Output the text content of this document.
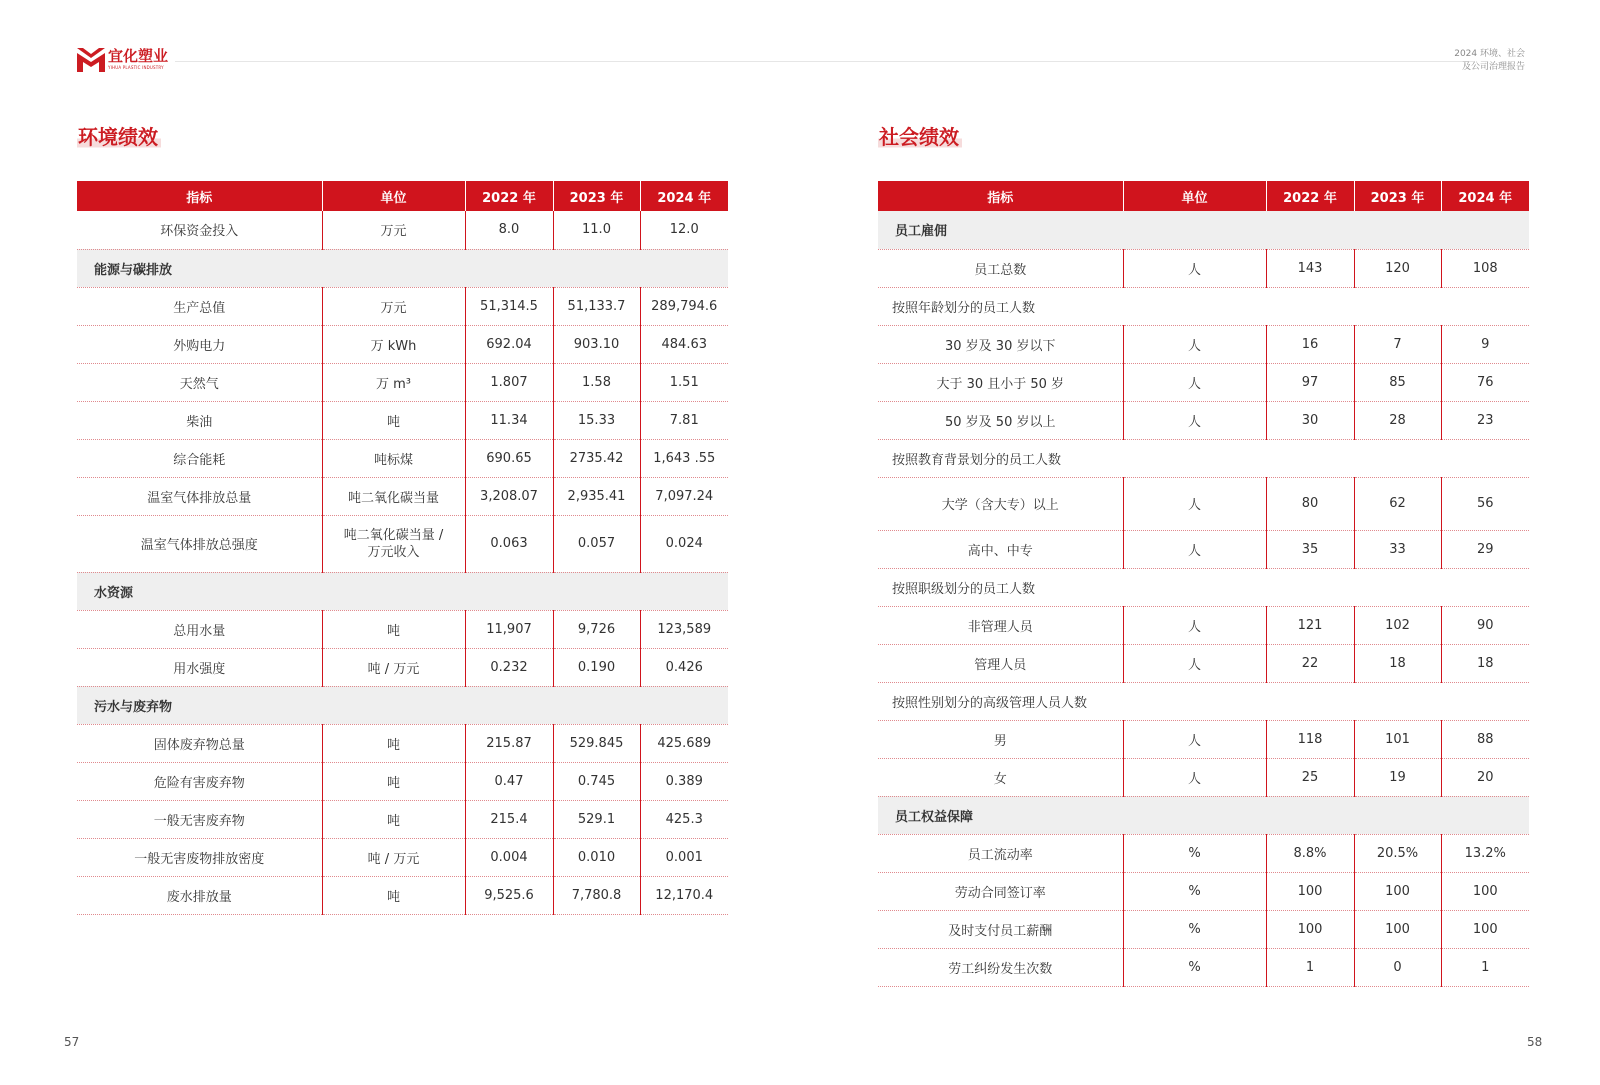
宜化塑业
YIHUA PLASTIC INDUSTRY
2024 环境、社会
及公司治理报告
环境绩效	社会绩效
指标	单位	2022 年	2023 年	2024 年
环保资金投入	万元	8.0	11.0	12.0
能源与碳排放				
生产总值	万元	51,314.5	51,133.7	289,794.6
外购电力	万 kWh	692.04	903.10	484.63
天然气	万 m³	1.807	1.58	1.51
柴油	吨	11.34	15.33	7.81
综合能耗	吨标煤	690.65	2735.42	1,643 .55
温室气体排放总量	吨二氧化碳当量	3,208.07	2,935.41	7,097.24
温室气体排放总强度	吨二氧化碳当量 /
万元收入	0.063	0.057	0.024
水资源				
总用水量	吨	11,907	9,726	123,589
用水强度	吨 / 万元	0.232	0.190	0.426
污水与废弃物				
固体废弃物总量	吨	215.87	529.845	425.689
危险有害废弃物	吨	0.47	0.745	0.389
一般无害废弃物	吨	215.4	529.1	425.3
一般无害废物排放密度	吨 / 万元	0.004	0.010	0.001
废水排放量	吨	9,525.6	7,780.8	12,170.4
指标	单位	2022 年	2023 年	2024 年
员工雇佣				
员工总数	人	143	120	108
按照年龄划分的员工人数				
30 岁及 30 岁以下	人	16	7	9
大于 30 且小于 50 岁	人	97	85	76
50 岁及 50 岁以上	人	30	28	23
按照教育背景划分的员工人数				
大学（含大专）以上	人	80	62	56
高中、中专	人	35	33	29
按照职级划分的员工人数				
非管理人员	人	121	102	90
管理人员	人	22	18	18
按照性别划分的高级管理人员人数				
男	人	118	101	88
女	人	25	19	20
员工权益保障				
员工流动率	%	8.8%	20.5%	13.2%
劳动合同签订率	%	100	100	100
及时支付员工薪酬	%	100	100	100
劳工纠纷发生次数	%	1	0	1
57	58
